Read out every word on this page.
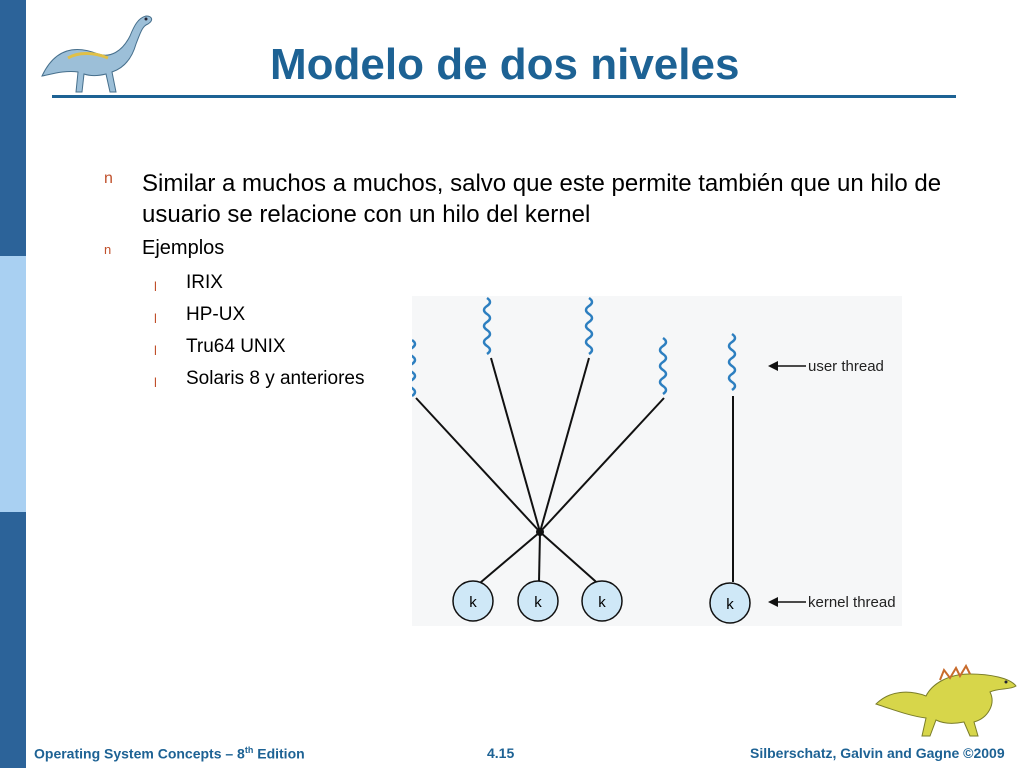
Modelo de dos niveles
n Similar a muchos a muchos, salvo que este permite también que un hilo de usuario se relacione con un hilo del kernel
n Ejemplos
l IRIX
l HP-UX
l Tru64 UNIX
l Solaris 8 y anteriores
k	k	k	k
user thread
kernel thread
Operating System Concepts – 8th Edition	4.15	Silberschatz, Galvin and Gagne ©2009
